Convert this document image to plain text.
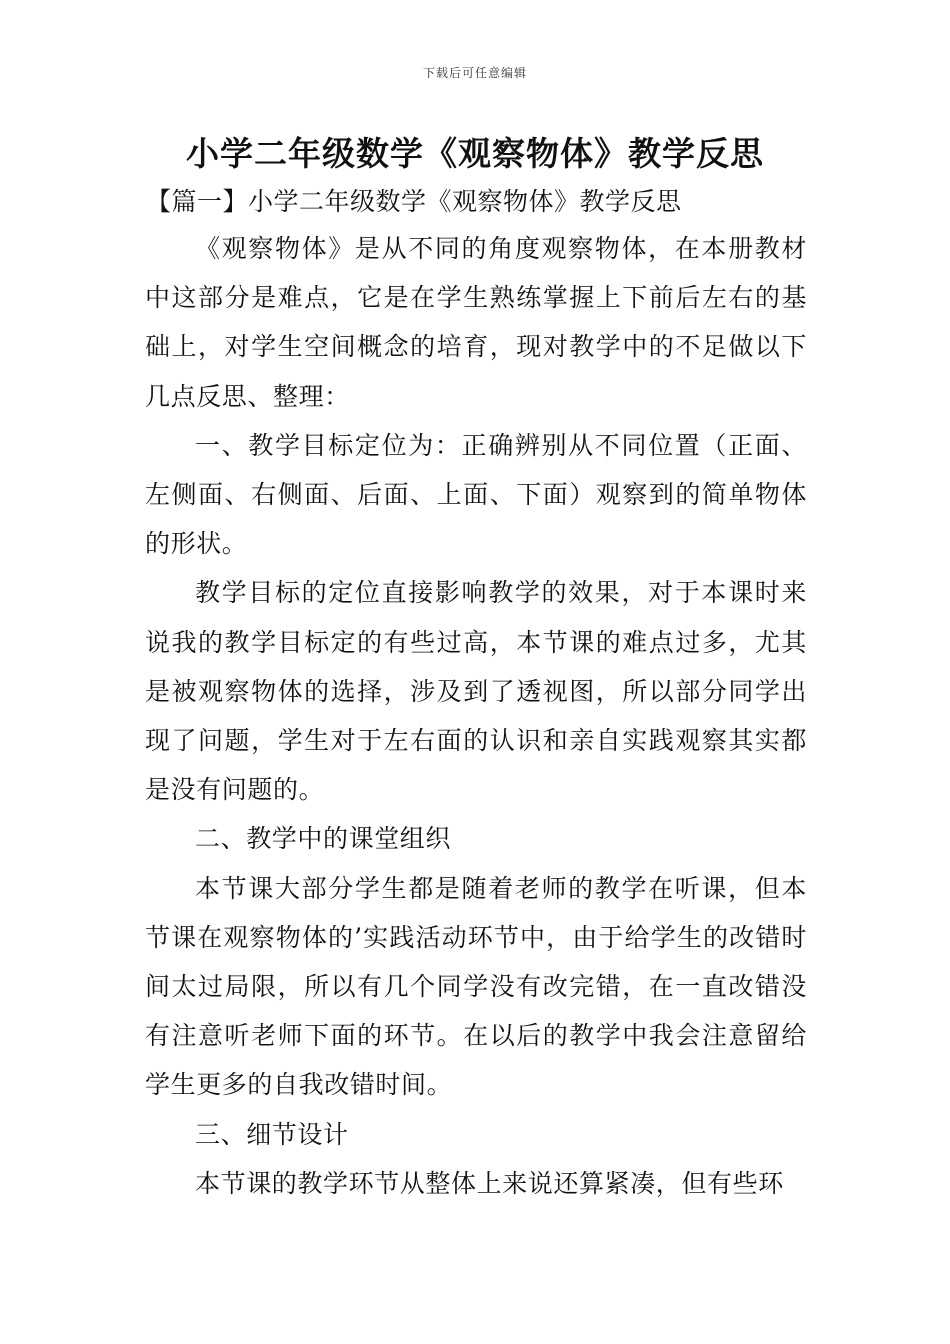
下载后可任意编辑
小学二年级数学《观察物体》教学反思
【篇一】小学二年级数学《观察物体》教学反思

《观察物体》是从不同的角度观察物体，在本册教材中这部分是难点，它是在学生熟练掌握上下前后左右的基础上，对学生空间概念的培育，现对教学中的不足做以下几点反思、整理：

一、教学目标定位为：正确辨别从不同位置（正面、左侧面、右侧面、后面、上面、下面）观察到的简单物体的形状。

教学目标的定位直接影响教学的效果，对于本课时来说我的教学目标定的有些过高，本节课的难点过多，尤其是被观察物体的选择，涉及到了透视图，所以部分同学出现了问题，学生对于左右面的认识和亲自实践观察其实都是没有问题的。

二、教学中的课堂组织

本节课大部分学生都是随着老师的教学在听课，但本节课在观察物体的’实践活动环节中，由于给学生的改错时间太过局限，所以有几个同学没有改完错，在一直改错没有注意听老师下面的环节。在以后的教学中我会注意留给学生更多的自我改错时间。

三、细节设计

本节课的教学环节从整体上来说还算紧凑，但有些环
